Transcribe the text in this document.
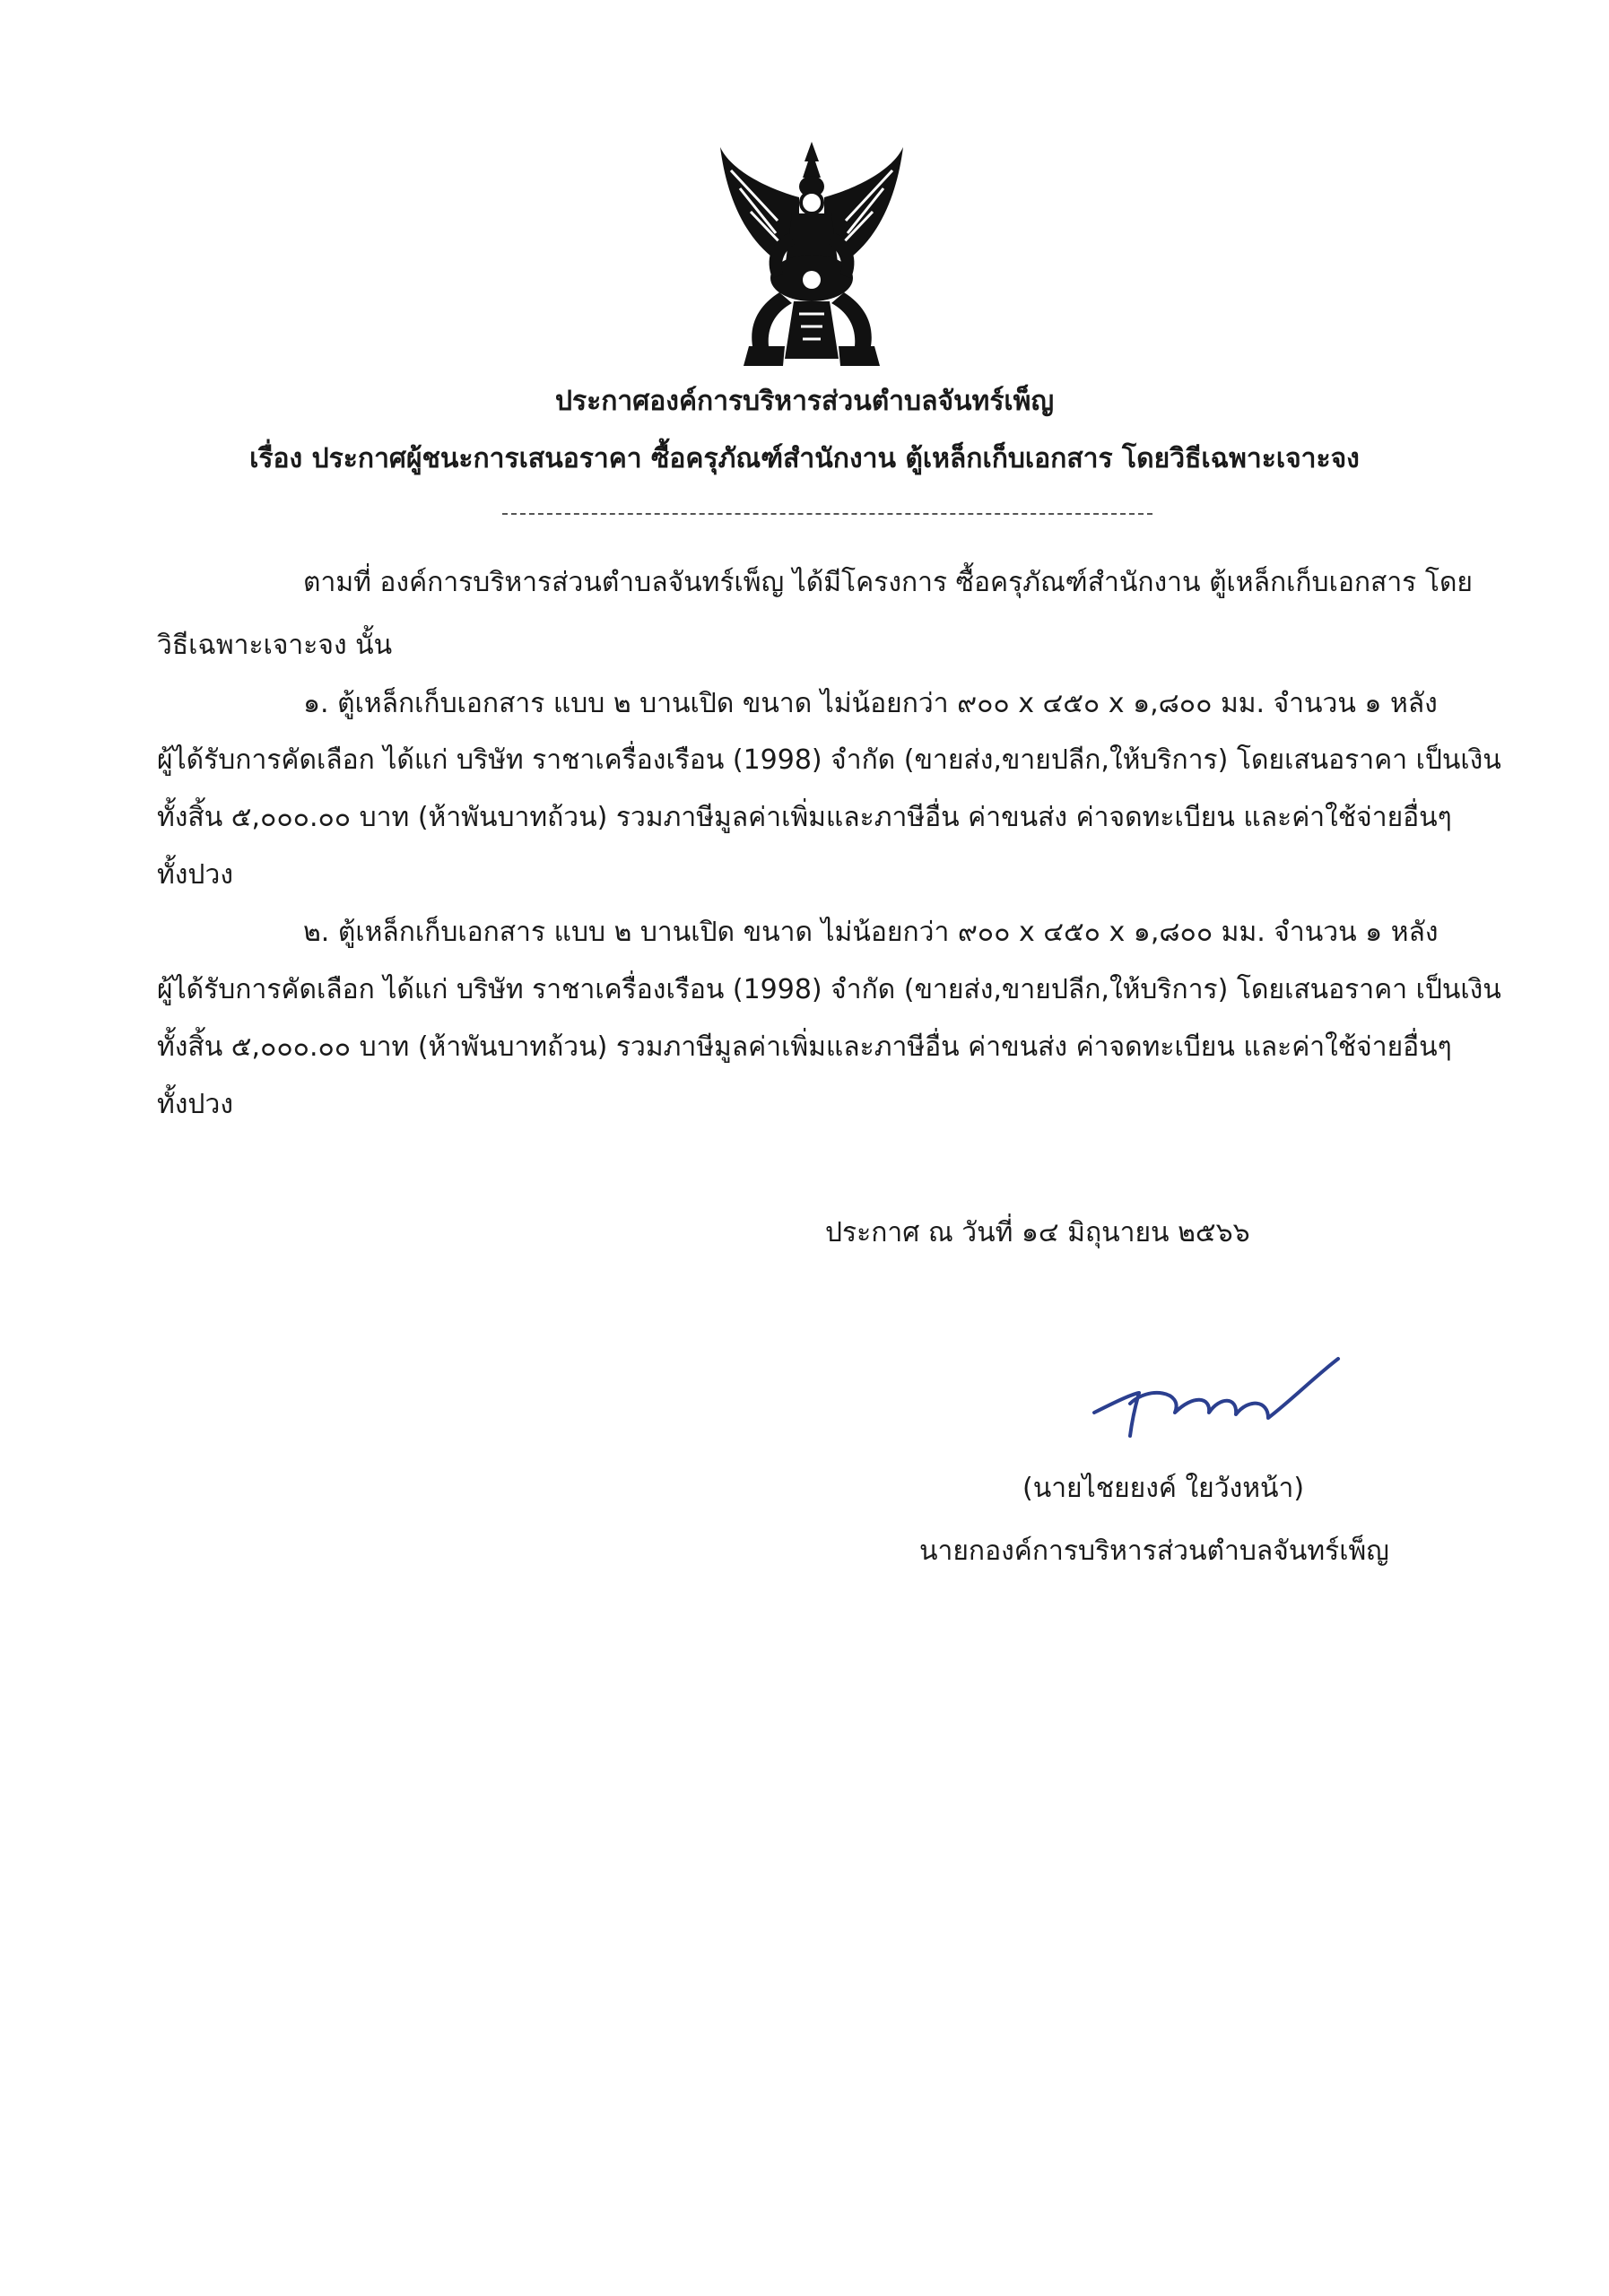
ประกาศองค์การบริหารส่วนตำบลจันทร์เพ็ญ
เรื่อง ประกาศผู้ชนะการเสนอราคา ซื้อครุภัณฑ์สำนักงาน ตู้เหล็กเก็บเอกสาร โดยวิธีเฉพาะเจาะจง
ตามที่ องค์การบริหารส่วนตำบลจันทร์เพ็ญ ได้มีโครงการ ซื้อครุภัณฑ์สำนักงาน ตู้เหล็กเก็บเอกสาร โดย
วิธีเฉพาะเจาะจง นั้น
๑. ตู้เหล็กเก็บเอกสาร แบบ ๒ บานเปิด ขนาด ไม่น้อยกว่า ๙๐๐ x ๔๕๐ x ๑,๘๐๐ มม. จำนวน ๑ หลัง
ผู้ได้รับการคัดเลือก ได้แก่ บริษัท ราชาเครื่องเรือน (1998) จำกัด (ขายส่ง,ขายปลีก,ให้บริการ) โดยเสนอราคา เป็นเงิน
ทั้งสิ้น ๕,๐๐๐.๐๐ บาท (ห้าพันบาทถ้วน) รวมภาษีมูลค่าเพิ่มและภาษีอื่น ค่าขนส่ง ค่าจดทะเบียน และค่าใช้จ่ายอื่นๆ
ทั้งปวง
๒. ตู้เหล็กเก็บเอกสาร แบบ ๒ บานเปิด ขนาด ไม่น้อยกว่า ๙๐๐ x ๔๕๐ x ๑,๘๐๐ มม. จำนวน ๑ หลัง
ผู้ได้รับการคัดเลือก ได้แก่ บริษัท ราชาเครื่องเรือน (1998) จำกัด (ขายส่ง,ขายปลีก,ให้บริการ) โดยเสนอราคา เป็นเงิน
ทั้งสิ้น ๕,๐๐๐.๐๐ บาท (ห้าพันบาทถ้วน) รวมภาษีมูลค่าเพิ่มและภาษีอื่น ค่าขนส่ง ค่าจดทะเบียน และค่าใช้จ่ายอื่นๆ
ทั้งปวง
ประกาศ ณ วันที่ ๑๔ มิถุนายน ๒๕๖๖
(นายไชยยงค์ ใยวังหน้า)
นายกองค์การบริหารส่วนตำบลจันทร์เพ็ญ
